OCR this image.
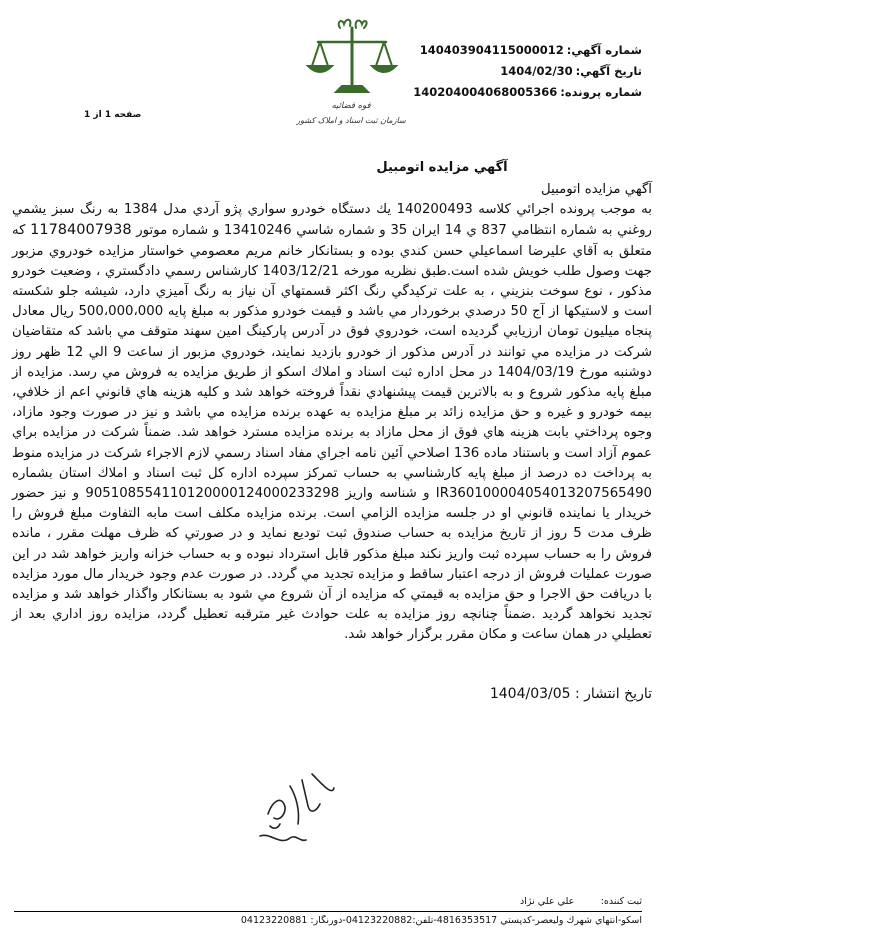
قوه قضائيه
سازمان ثبت اسناد و املاک کشور
شماره آگهي:140403904115000012
تاريخ آگهي:1404/02/30
شماره پرونده:140204004068005366
صفحه 1 از 1
آگهي مزايده اتومبيل

آگهي مزايده اتومبيل

به موجب پرونده اجرائي کلاسه 140200493 يك دستگاه خودرو سواري پژو آردي مدل 1384 به رنگ سبز يشمي روغني به شماره انتظامي 837 ي 14 ايران 35 و شماره شاسي 13410246 و شماره موتور 11784007938 كه متعلق به آقاي عليرضا اسماعيلي حسن كندي بوده و بستانكار خانم مريم معصومي خواستار مزايده خودروي مزبور جهت وصول طلب خويش شده است.طبق نظريه مورخه 1403/12/21 كارشناس رسمي دادگستري ، وضعيت خودرو مذكور ، نوع سوخت بنزيني ، به علت تركيدگي رنگ اكثر قسمتهاي آن نياز به رنگ آميزي دارد، شيشه جلو شكسته است و لاستيكها از آج 50 درصدي برخوردار مي باشد و قيمت خودرو مذكور به مبلغ پايه 500،000،000 ريال معادل پنجاه ميليون تومان ارزيابي گرديده است، خودروي فوق در آدرس پاركينگ امين سهند متوقف مي باشد كه متقاضيان شركت در مزايده مي توانند در آدرس مذكور از خودرو بازديد نمايند، خودروي مزبور از ساعت 9 الي 12 ظهر روز دوشنبه مورخ 1404/03/19 در محل اداره ثبت اسناد و املاك اسكو از طريق مزايده به فروش مي رسد. مزايده از مبلغ پايه مذكور شروع و به بالاترين قيمت پيشنهادي نقداً فروخته خواهد شد و كليه هزينه هاي قانوني اعم از خلافي، بيمه خودرو و غيره و حق مزايده زائد بر مبلغ مزايده به عهده برنده مزايده مي باشد و نيز در صورت وجود مازاد، وجوه پرداختي بابت هزينه هاي فوق از محل مازاد به برنده مزايده مسترد خواهد شد. ضمناً شركت در مزايده براي عموم آزاد است و باستناد ماده 136 اصلاحي آئين نامه اجراي مفاد اسناد رسمي لازم الاجراء شركت در مزايده منوط به پرداخت ده درصد از مبلغ پايه كارشناسي به حساب تمركز سپرده اداره كل ثبت اسناد و املاك استان بشماره IR360100004054013207565490 و شناسه واريز 905108554110120000124000233298 و نيز حضور خريدار يا نماينده قانوني او در جلسه مزايده الزامي است. برنده مزايده مكلف است مابه التفاوت مبلغ فروش را ظرف مدت 5 روز از تاريخ مزايده به حساب صندوق ثبت توديع نمايد و در صورتي كه ظرف مهلت مقرر ، مانده فروش را به حساب سپرده ثبت واريز نكند مبلغ مذكور قابل استرداد نبوده و به حساب خزانه واريز خواهد شد در اين صورت عمليات فروش از درجه اعتبار ساقط و مزايده تجديد مي گردد. در صورت عدم وجود خريدار مال مورد مزايده با دريافت حق الاجرا و حق مزايده به قيمتي كه مزايده از آن شروع مي شود به بستانكار واگذار خواهد شد و مزايده تجديد نخواهد گرديد .ضمناً چنانچه روز مزايده به علت حوادث غير مترقبه تعطيل گردد، مزايده روز اداري بعد از تعطيلي در همان ساعت و مكان مقرر برگزار خواهد شد.

تاريخ انتشار : 1404/03/05
ثبت كننده:
علي علي نژاد
اسکو-انتهاي شهرك وليعصر-كدپستي 4816353517-تلفن:04123220882-دورنگار: 04123220881
